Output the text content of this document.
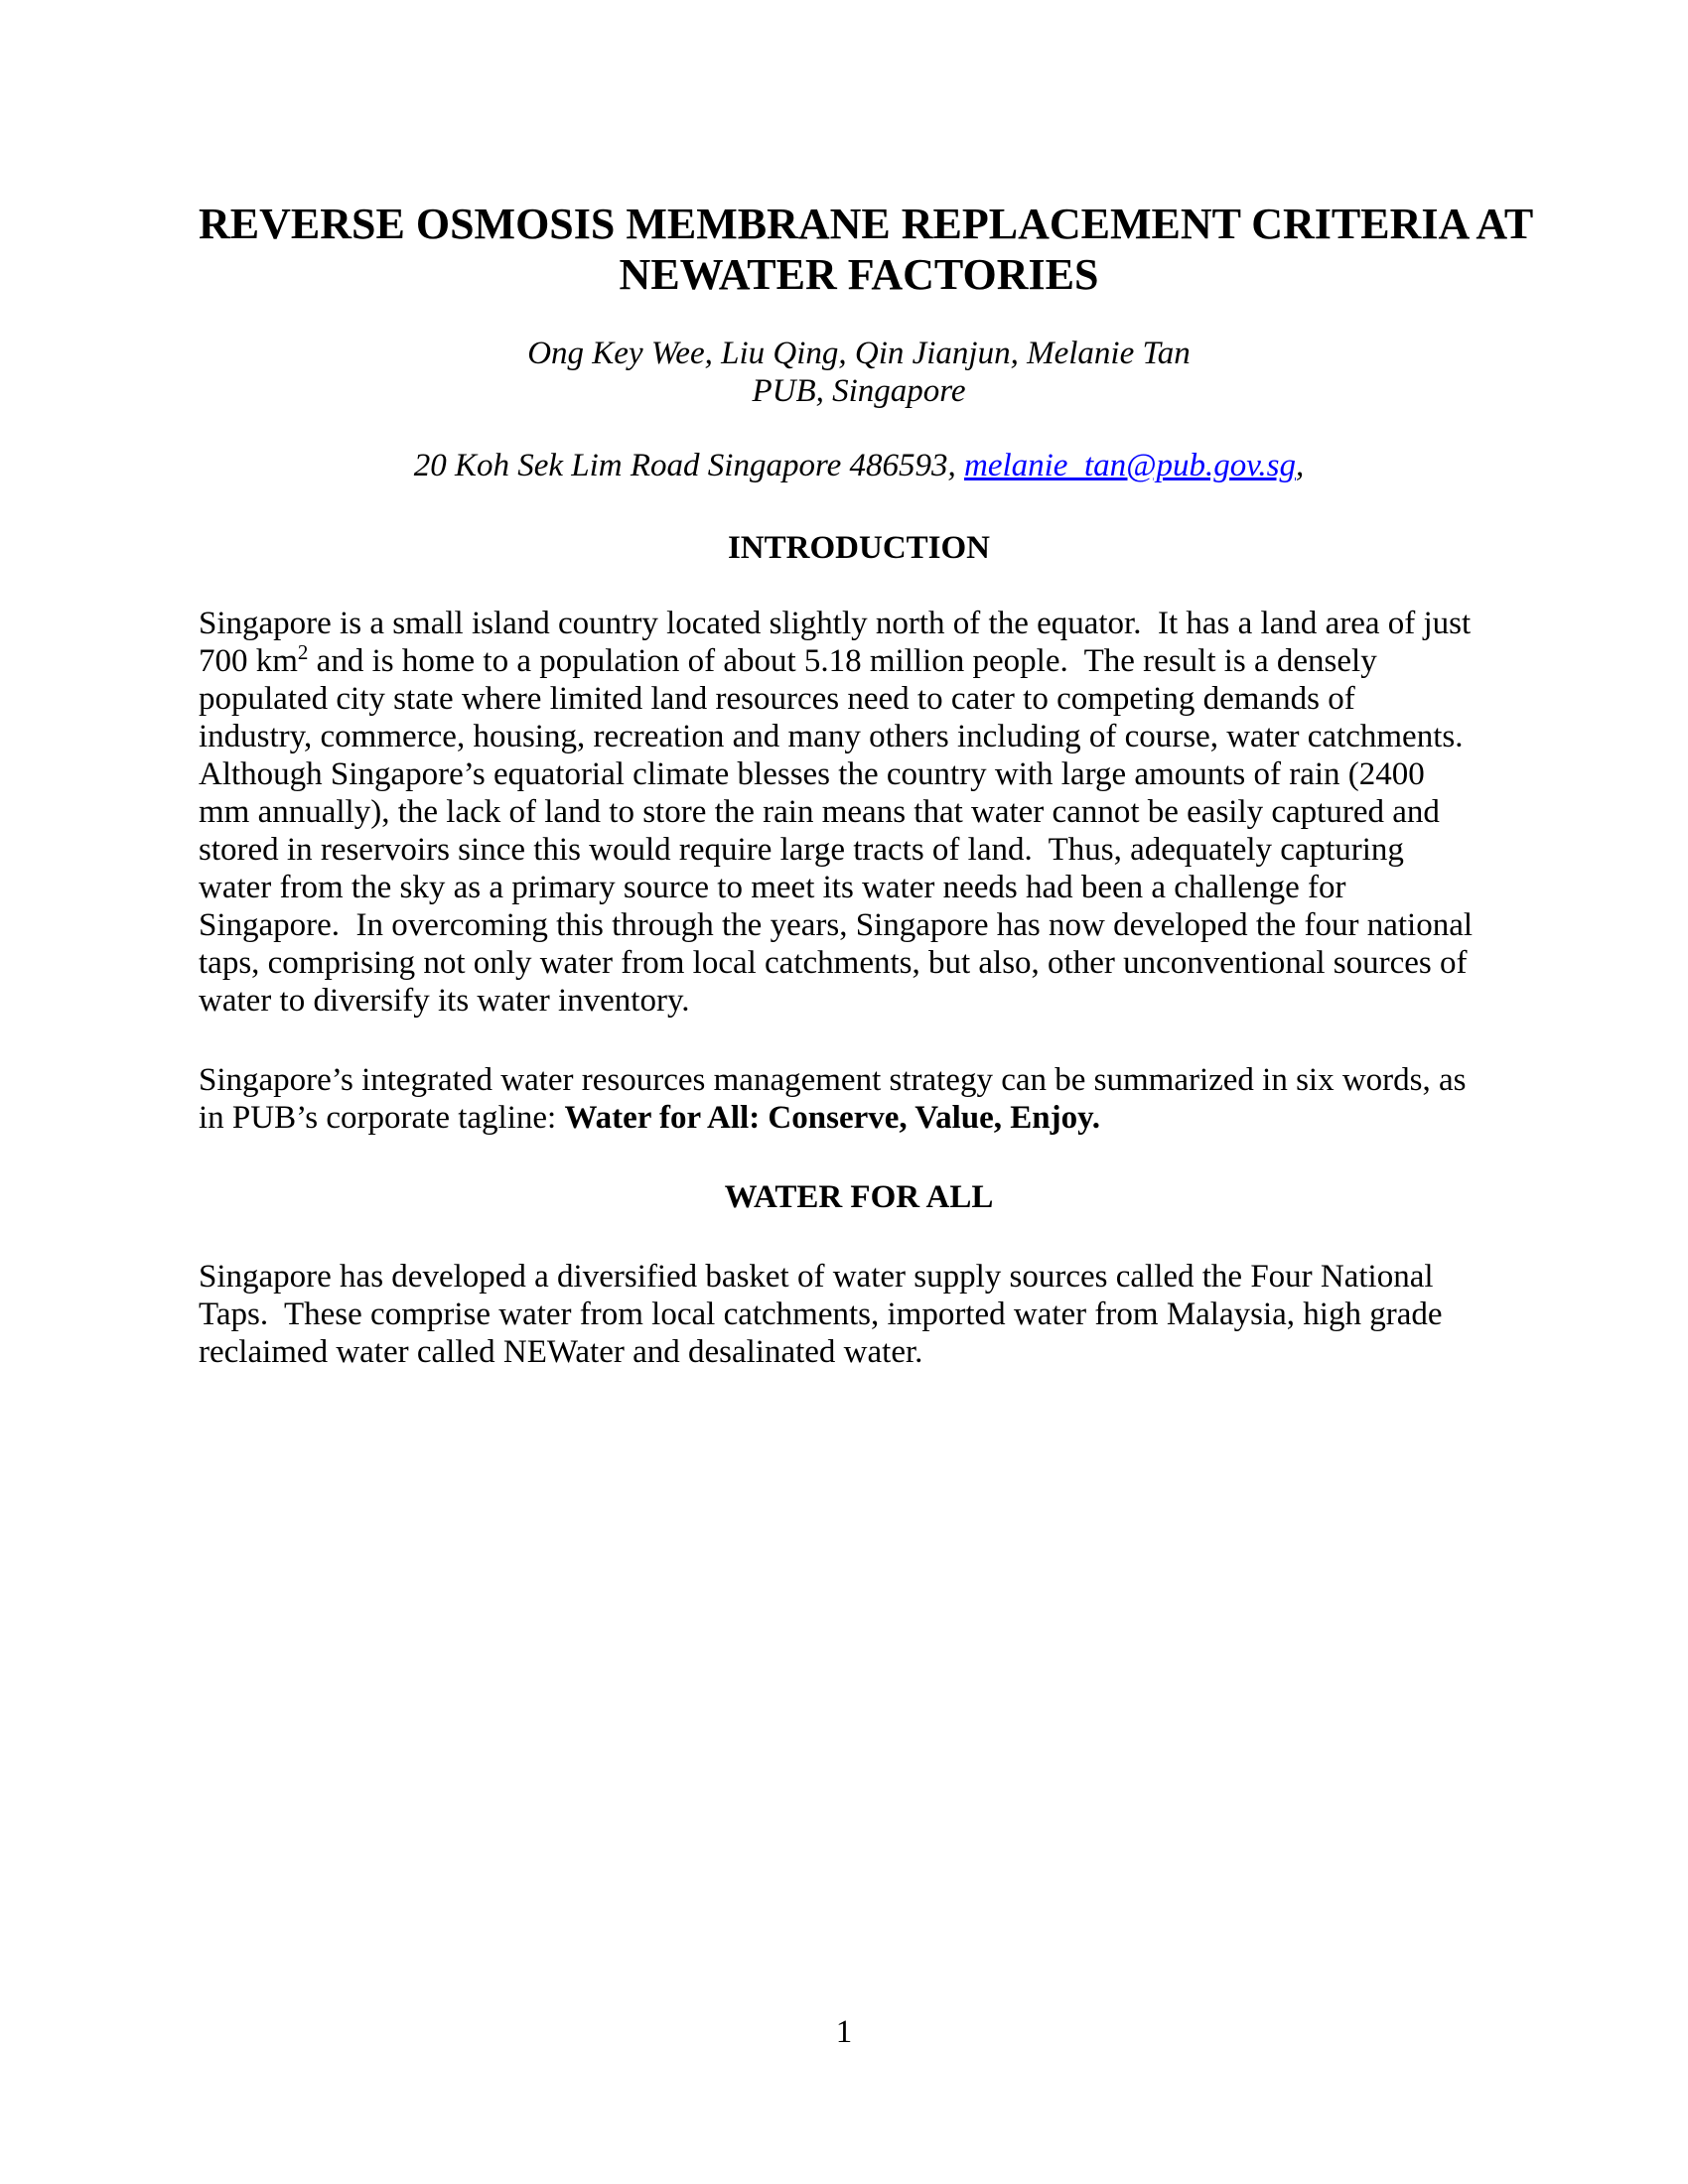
REVERSE OSMOSIS MEMBRANE REPLACEMENT CRITERIA AT
NEWATER FACTORIES
Ong Key Wee, Liu Qing, Qin Jianjun, Melanie Tan
PUB, Singapore
20 Koh Sek Lim Road Singapore 486593, melanie_tan@pub.gov.sg,
INTRODUCTION
Singapore is a small island country located slightly north of the equator.  It has a land area of just
700 $km^2$ and is home to a population of about 5.18 million people.  The result is a densely
populated city state where limited land resources need to cater to competing demands of
industry, commerce, housing, recreation and many others including of course, water catchments.
Although Singapore’s equatorial climate blesses the country with large amounts of rain (2400
mm annually), the lack of land to store the rain means that water cannot be easily captured and
stored in reservoirs since this would require large tracts of land.  Thus, adequately capturing
water from the sky as a primary source to meet its water needs had been a challenge for
Singapore.  In overcoming this through the years, Singapore has now developed the four national
taps, comprising not only water from local catchments, but also, other unconventional sources of
water to diversify its water inventory.
Singapore’s integrated water resources management strategy can be summarized in six words, as
in PUB’s corporate tagline: Water for All: Conserve, Value, Enjoy.
WATER FOR ALL
Singapore has developed a diversified basket of water supply sources called the Four National
Taps.  These comprise water from local catchments, imported water from Malaysia, high grade
reclaimed water called NEWater and desalinated water.
1
